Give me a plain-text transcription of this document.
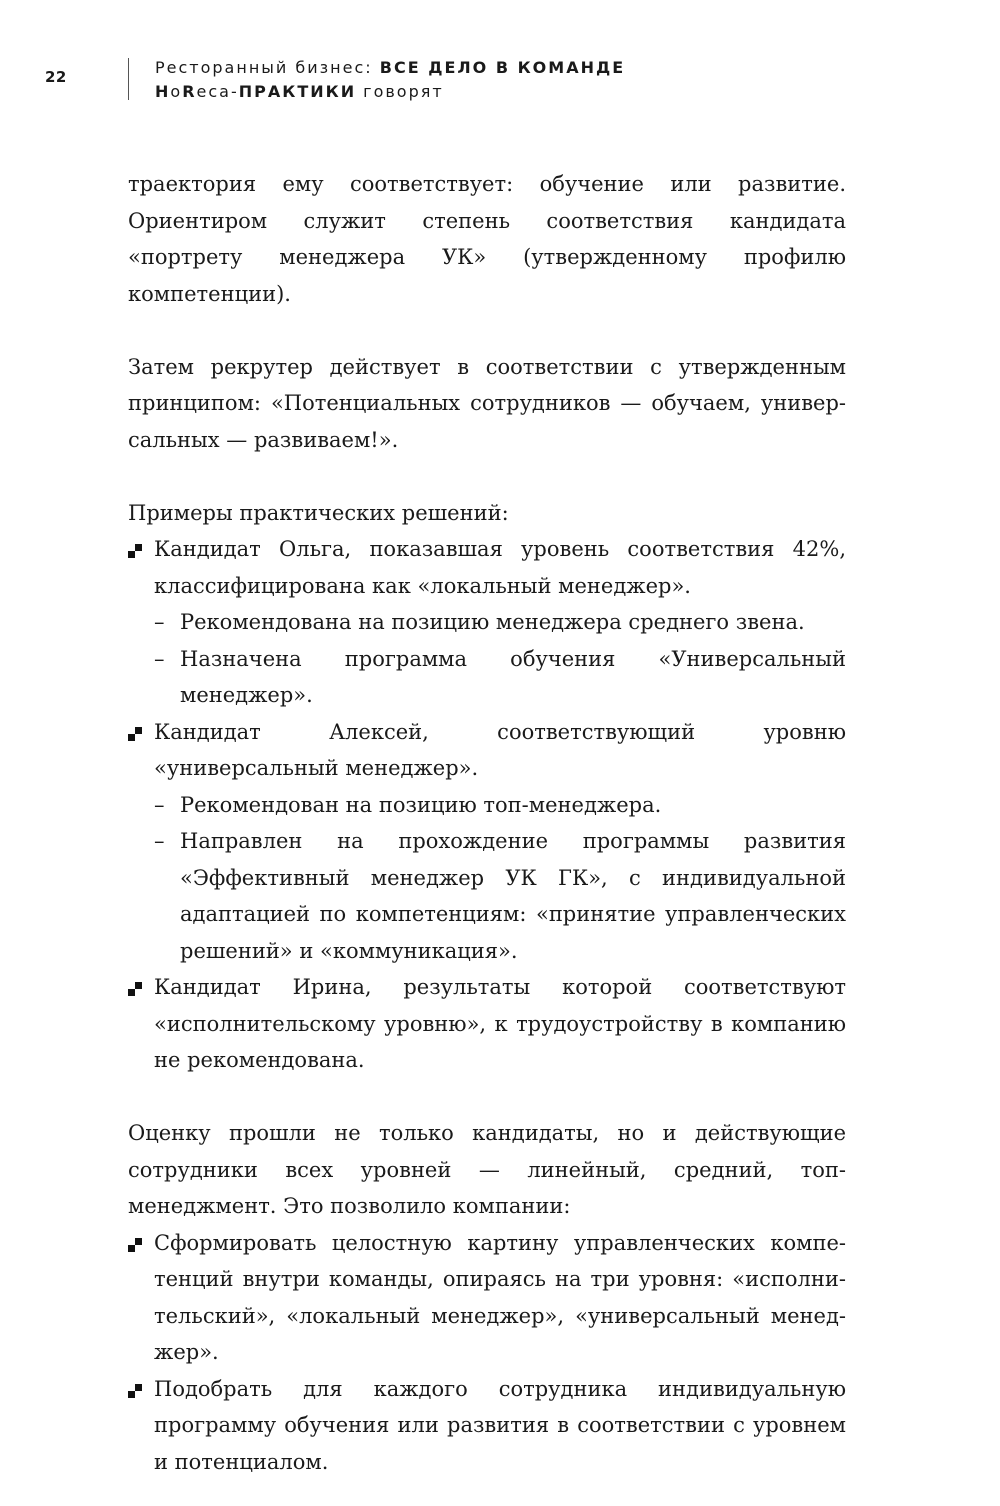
22	Ресторанный бизнес: ВСЕ ДЕЛО В КОМАНДЕ
HoReca-ПРАКТИКИ говорят

траектория ему соответствует: обучение или развитие. Ориентиром служит степень соответствия кандидата «портрету менеджера УК» (утвержденному профилю компетенции).

Затем рекрутер действует в соответствии с утвержденным принципом: «Потенциальных сотрудников — обучаем, универсальных — развиваем!».

Примеры практических решений:

Кандидат Ольга, показавшая уровень соответствия 42%, классифицирована как «локальный менеджер».
– Рекомендована на позицию менеджера среднего звена.
– Назначена программа обучения «Универсальный менеджер».
Кандидат Алексей, соответствующий уровню «универсальный менеджер».
– Рекомендован на позицию топ-менеджера.
– Направлен на прохождение программы развития «Эффективный менеджер УК ГК», с индивидуальной адаптацией по компетенциям: «принятие управленческих решений» и «коммуникация».
Кандидат Ирина, результаты которой соответствуют «исполнительскому уровню», к трудоустройству в компанию не рекомендована.

Оценку прошли не только кандидаты, но и действующие сотрудники всех уровней — линейный, средний, топ-менеджмент. Это позволило компании:

Сформировать целостную картину управленческих компетенций внутри команды, опираясь на три уровня: «исполнительский», «локальный менеджер», «универсальный менеджер».
Подобрать для каждого сотрудника индивидуальную программу обучения или развития в соответствии с уровнем и потенциалом.
